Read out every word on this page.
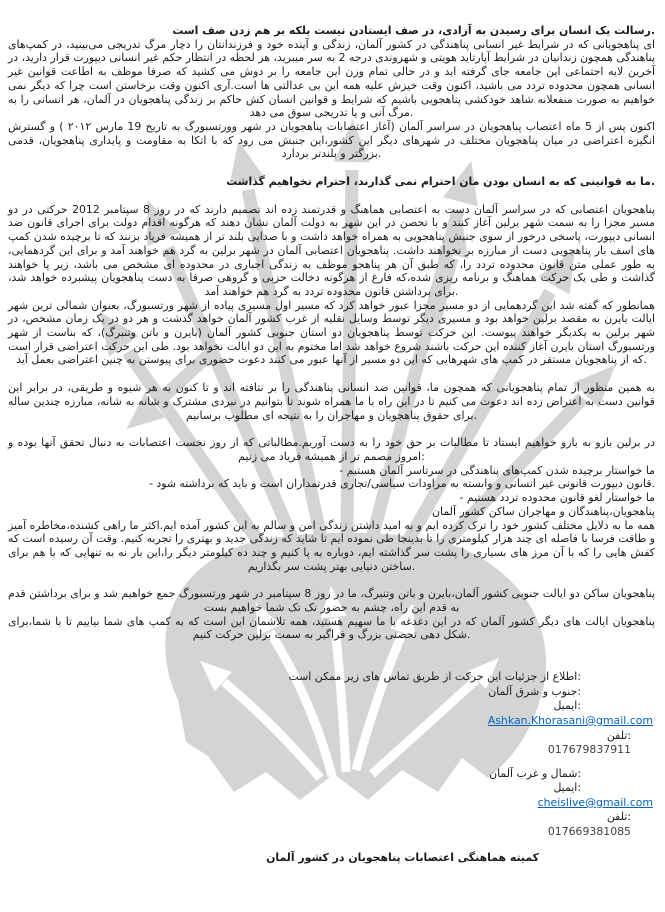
رسالت یک انسان برای رسیدن به آزادی، در صف ایستادن نیست بلکه بر هم زدن صف است.
ای پناهجویانی که در شرایط غیر انسانی پناهندگی در کشور آلمان، زندگی و آینده خود و فرزندانتان را دچار مرگ تدریجی می‌بینید، در کمپ‌های پناهندگی همچون زندانیان در شرایط آپارتاید هویتی و شهروندی درجه 2 به سر میبرید، هر لحظه در انتظار حکم غیر انسانی دیپورت قرار دارید، در آخرین لایه اجتماعی این جامعه جای گرفته اید و در حالی تمام وزن این جامعه را بر دوش می کشید که صرفا موظف به اطاعت قوانین غیر انسانی همچون محدوده تردد می باشید، اکنون وقت خیزش علیه همه این بی عدالتی ها است.آری اکنون وقت برخاستن است چرا که دیگر نمی خواهیم به صورت منفعلانه شاهد خودکشی پناهجویی باشیم که شرایط و قوانین انسان کش حاکم بر زندگی پناهجویان در آلمان، هر انسانی را به مرگ آنی و یا تدریجی سوق می دهد.
اکنون پس از 5 ماه اعتصاب پناهجویان در سراسر آلمان (آغاز اعتصابات پناهجویان در شهر وورتسبورگ به تاریخ 19 مارس ۲۰۱۲ ) و گسترش انگیزه اعتراضی در میان پناهجویان مختلف در شهرهای دیگر این کشور،این جنبش می رود که با اتکا به مقاومت و پایداری پناهجویان، قدمی بزرگتر و بلندتر بردارد.
ما به قوانینی که به انسان بودن مان احترام نمی گذارند، احترام نخواهیم گذاشت.
پناهجویان اعتصابی که در سراسر آلمان دست به اعتصابی هماهنگ و قدرتمند زده اند تصمیم دارند که در روز 8 سپتامبر 2012 حرکتی در دو مسیر مجزا را به سمت شهر برلین آغاز کنند و با تحصن در این شهر به دولت آلمان نشان دهند که هرگونه اقدام دولت برای اجرای قانون ضد انسانی دیپورت، پاسخی درخور از سوی جنبش پناهجویی به همراه خواهد داشت و با صدایی بلند تر از همیشه فریاد بزنند که تا برچیده شدن کمپ های اسف بار پناهجویی دست از مبارزه بر نخواهند داشت. پناهجویان اعتصابی آلمان در شهر برلین به گرد هم خواهند آمد و برای این گردهمایی، به طور عملی متن قانون محدوده تردد را، که طبق آن هر پناهجو موظف به زندگی اجباری در محدوده ای مشخص می باشد، زیر پا خواهند گذاشت و طی یک حرکت هماهنگ و برنامه ریزی شده،که فارغ از هرگونه دخالت حزبی و گروهی صرفا به دست پناهجویان پیشبرده خواهد شد، برای برداشتن قانون محدوده تردد به گرد هم خواهند آمد.
همانطور که گفته شد این گردهمایی از دو مسیر مجزا عبور خواهد کرد که مسیر اول مسیری پیاده از شهر ورتسبورگ، بعنوان شمالی ترین شهر ایالت بایرن به مقصد برلین خواهد بود و مسیری دیگر توسط وسایل نقلیه از غرب کشور آلمان خواهد گذشت و هر دو در یک زمان مشخص، در شهر برلین به یکدیگر خواهند پیوست. این حرکت توسط پناهجویان دو استان جنوبی کشور آلمان (بایرن و باتن وتنبرگ)، که بناست از شهر ورتسبورگ استان بایرن آغاز کننده این حرکت باشند شروع خواهد شد اما مختوم به این دو ایالت نخواهد بود. طی این حرکت اعتراضی قرار است که از پناهجویان مستقر در کمپ های شهرهایی که این دو مسیر از آنها عبور می کنند دعوت حضوری برای پیوستن به چنین اعتراضی بعمل آید.
به همین منظور از تمام پناهجویانی که همچون ما، قوانین ضد انسانی پناهندگی را بر نتافته اند و تا کنون به هر شیوه و طریقی، در برابر این قوانین دست به اعتراض زده اند دعوت می کنیم تا در این راه با ما همراه شوند تا بتوانیم در نبردی مشترک و شانه به شانه، مبارزه چندین ساله برای حقوق پناهجویان و مهاجران را به نتیجه ای مطلوب برسانیم.
در برلین بازو به بازو خواهیم ایستاد تا مطالبات بر حق خود را به دست آوریم.مطالباتی که از روز نخست اعتصابات به دنبال تحقق آنها بوده و امروز مصمم تر از همیشه فریاد می زنیم:
- ما خواستار برچیده شدن کمپ‌های پناهندگی در سرتاسر آلمان هستیم
- قانون دیپورت قانونی غیر انسانی و وابسته به مراودات سیاسی/تجاری قدرتمداران است و باید که برداشته شود.
- ما خواستار لغو قانون محدوده تردد هستیم
پناهجویان،پناهندگان و مهاجران ساکن کشور آلمان
همه ما به دلایل مختلف کشور خود را ترک کرده ایم و به امید داشتن زندگی امن و سالم به این کشور آمده ایم.اکثر ما راهی کشنده،مخاطره آمیز و طاقت فرسا با فاصله ای چند هزار کیلومتری را تا بدینجا طی نموده ایم تا شاید که زندگی جدید و بهتری را تجربه کنیم. وقت آن رسیده است که کفش هایی را که با آن مرز های بسیاری را پشت سر گذاشته ایم، دوباره به پا کنیم و چند ده کیلومتر دیگر را،این بار نه به تنهایی که با هم برای ساختن دنیایی بهتر پشت سر بگذاریم.
پناهجویان ساکن دو ایالت جنوبی کشور آلمان،بایرن و باتن وتنبرگ، ما در روز 8 سپتامبر در شهر ورتسبورگ جمع خواهیم شد و برای برداشتن قدم به قدم این راه، چشم به حضور تک تک شما خواهیم بست
پناهجویان ایالت های دیگر کشور آلمان که در این دغدغه با ما سهیم هستید، همه تلاشمان این است که به کمپ های شما بیاییم تا با شما،برای شکل دهی تحصنی بزرگ و فراگیر به سمت برلین حرکت کنیم.
اطلاع از جزئیات این حرکت از طریق تماس های زیر ممکن است:
جنوب و شرق آلمان:
ایمیل:
Ashkan.Khorasani@gmail.com
تلفن:
017679837911
شمال و غرب آلمان:
ایمیل:
cheislive@gmail.com
تلفن:
017669381085
کمیته هماهنگی اعتصابات پناهجویان در کشور آلمان
